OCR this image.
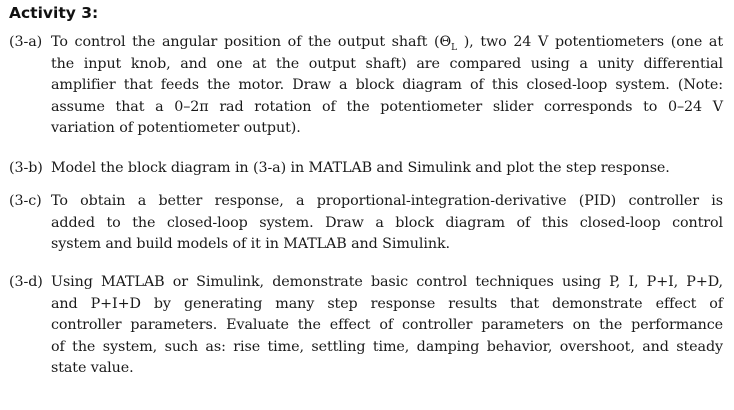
Activity 3:
(3-a) To control the angular position of the output shaft ($\Theta_L$ ), two 24 V potentiometers (one at
the input knob, and one at the output shaft) are compared using a unity differential
amplifier that feeds the motor. Draw a block diagram of this closed-loop system. (Note:
assume that a 0–2π rad rotation of the potentiometer slider corresponds to 0–24 V
variation of potentiometer output).
(3-b) Model the block diagram in (3-a) in MATLAB and Simulink and plot the step response.
(3-c) To obtain a better response, a proportional-integration-derivative (PID) controller is
added to the closed-loop system. Draw a block diagram of this closed-loop control
system and build models of it in MATLAB and Simulink.
(3-d) Using MATLAB or Simulink, demonstrate basic control techniques using P, I, P+I, P+D,
and P+I+D by generating many step response results that demonstrate effect of
controller parameters. Evaluate the effect of controller parameters on the performance
of the system, such as: rise time, settling time, damping behavior, overshoot, and steady
state value.
